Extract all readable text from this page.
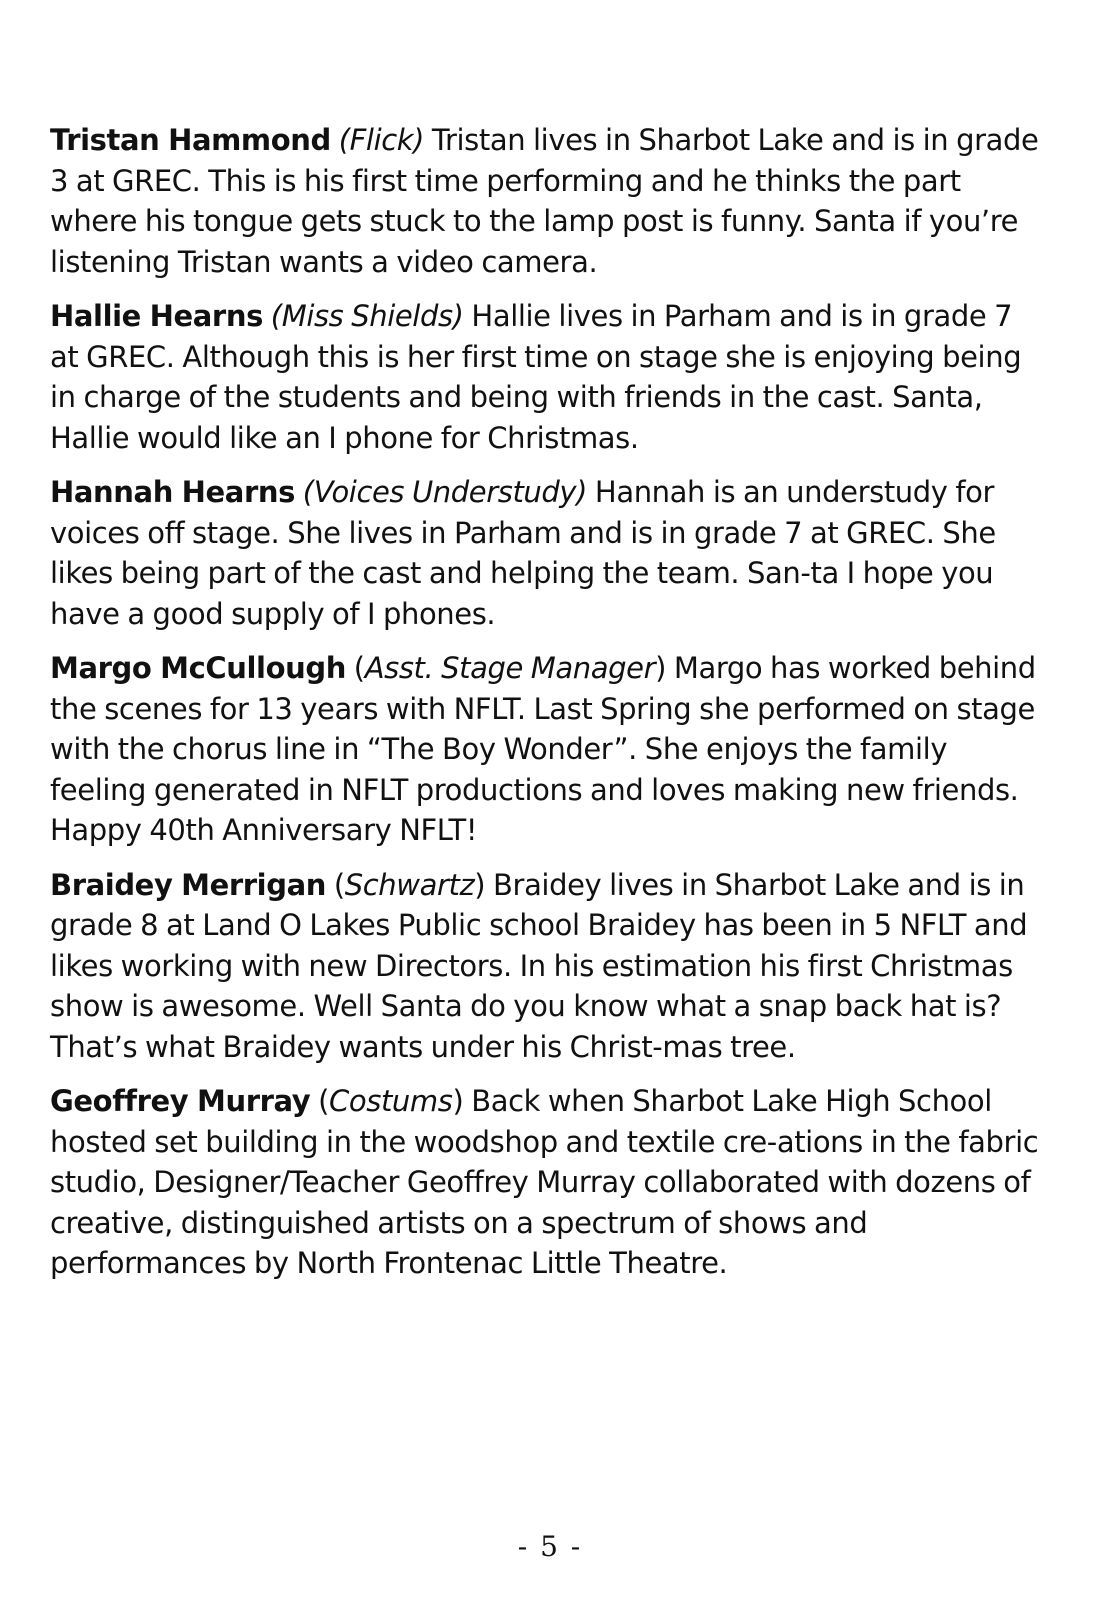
Tristan Hammond (Flick) Tristan lives in Sharbot Lake and is in grade 3 at GREC. This is his first time performing and he thinks the part where his tongue gets stuck to the lamp post is funny. Santa if you’re listening Tristan wants a video camera.

Hallie Hearns (Miss Shields) Hallie lives in Parham and is in grade 7 at GREC. Although this is her first time on stage she is enjoying being in charge of the students and being with friends in the cast. Santa, Hallie would like an I phone for Christmas.

Hannah Hearns (Voices Understudy) Hannah is an understudy for voices off stage. She lives in Parham and is in grade 7 at GREC. She likes being part of the cast and helping the team. San-ta I hope you have a good supply of I phones.

Margo McCullough (Asst. Stage Manager) Margo has worked behind the scenes for 13 years with NFLT. Last Spring she performed on stage with the chorus line in “The Boy Wonder”. She enjoys the family feeling generated in NFLT productions and loves making new friends. Happy 40th Anniversary NFLT!

Braidey Merrigan (Schwartz) Braidey lives in Sharbot Lake and is in grade 8 at Land O Lakes Public school Braidey has been in 5 NFLT and likes working with new Directors. In his estimation his first Christmas show is awesome. Well Santa do you know what a snap back hat is? That’s what Braidey wants under his Christ-mas tree.

Geoffrey Murray (Costums) Back when Sharbot Lake High School hosted set building in the woodshop and textile cre-ations in the fabric studio, Designer/Teacher Geoffrey Murray collaborated with dozens of creative, distinguished artists on a spectrum of shows and performances by North Frontenac Little Theatre.

- 5 -
